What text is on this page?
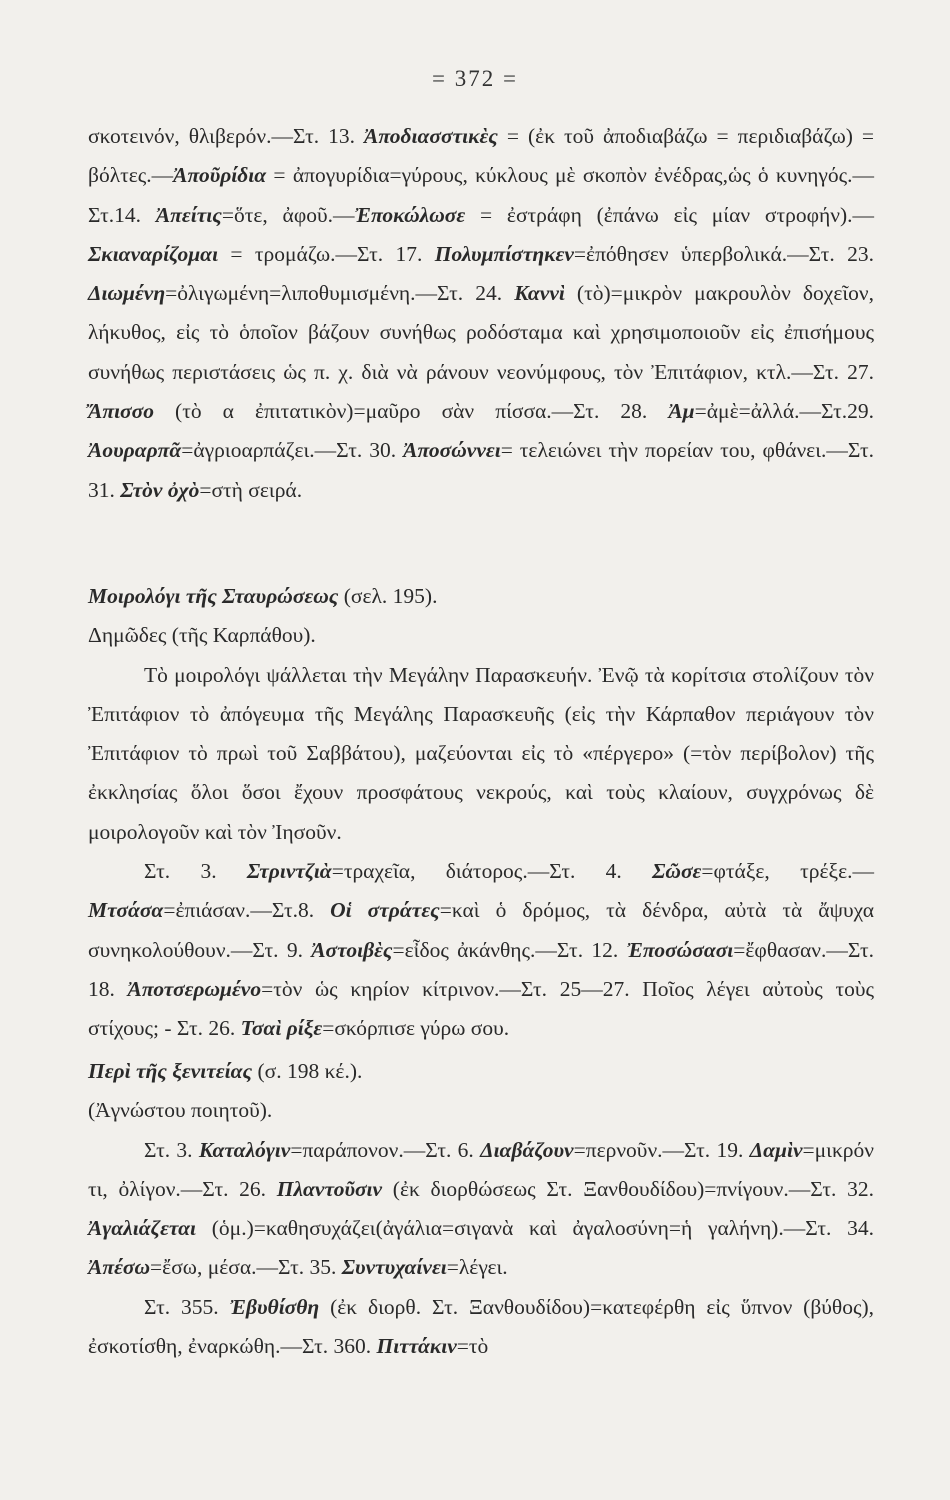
= 372 =

σκοτεινόν, θλιβερόν.—Στ. 13. Ἀποδιασστικὲς = (ἐκ τοῦ ἀποδιαβάζω = περιδιαβάζω) = βόλτες.—Ἀποῦρίδια = ἀπογυρίδια=γύρους, κύκλους μὲ σκοπὸν ἐνέδρας,ὡς ὁ κυνηγός.—Στ.14. Ἀπείτις=ὅτε, ἀφοῦ.—Ἐποκώλωσε = ἐστράφη (ἐπάνω εἰς μίαν στροφήν).—Σκιαναρίζομαι = τρομάζω.—Στ. 17. Πολυμπίστηκεν=ἐπόθησεν ὑπερβολικά.—Στ. 23. Διωμένη=ὀλιγωμένη=λιποθυμισμένη.—Στ. 24. Καννὶ (τὸ)=μικρὸν μακρουλὸν δοχεῖον, λήκυθος, εἰς τὸ ὁποῖον βάζουν συνήθως ροδόσταμα καὶ χρησιμοποιοῦν εἰς ἐπισήμους συνήθως περιστάσεις ὡς π. χ. διὰ νὰ ράνουν νεονύμφους, τὸν Ἐπιτάφιον, κτλ.—Στ. 27. Ἄπισσο (τὸ α ἐπιτατικὸν)=μαῦρο σὰν πίσσα.—Στ. 28. Ἀμ=ἀμὲ=ἀλλά.—Στ.29. Ἀουραρπᾶ=ἀγριοαρπάζει.—Στ. 30. Ἀποσώννει= τελειώνει τὴν πορείαν του, φθάνει.—Στ. 31. Στὸν ὀχὸ=στὴ σειρά.

Μοιρολόγι τῆς Σταυρώσεως (σελ. 195).

Δημῶδες (τῆς Καρπάθου).

Τὸ μοιρολόγι ψάλλεται τὴν Μεγάλην Παρασκευήν. Ἐνῷ τὰ κορίτσια στολίζουν τὸν Ἐπιτάφιον τὸ ἀπόγευμα τῆς Μεγάλης Παρασκευῆς (εἰς τὴν Κάρπαθον περιάγουν τὸν Ἐπιτάφιον τὸ πρωὶ τοῦ Σαββάτου), μαζεύονται εἰς τὸ «πέργερο» (=τὸν περίβολον) τῆς ἐκκλησίας ὅλοι ὅσοι ἔχουν προσφάτους νεκρούς, καὶ τοὺς κλαίουν, συγχρόνως δὲ μοιρολογοῦν καὶ τὸν Ἰησοῦν.

Στ. 3. Στριντζιὰ=τραχεῖα, διάτορος.—Στ. 4. Σῶσε=φτάξε, τρέξε.—Μτσάσα=ἐπιάσαν.—Στ.8. Οἱ στράτες=καὶ ὁ δρόμος, τὰ δένδρα, αὐτὰ τὰ ἄψυχα συνηκολούθουν.—Στ. 9. Ἀστοιβὲς=εἶδος ἀκάνθης.—Στ. 12. Ἐποσώσασι=ἔφθασαν.—Στ. 18. Ἀποτσερωμένο=τὸν ὡς κηρίον κίτρινον.—Στ. 25—27. Ποῖος λέγει αὐτοὺς τοὺς στίχους; - Στ. 26. Τσαὶ ρίξε=σκόρπισε γύρω σου.

Περὶ τῆς ξενιτείας (σ. 198 κέ.).

(Ἀγνώστου ποιητοῦ).

Στ. 3. Καταλόγιν=παράπονον.—Στ. 6. Διαβάζουν=περνοῦν.—Στ. 19. Δαμὶν=μικρόν τι, ὀλίγον.—Στ. 26. Πλαντοῦσιν (ἐκ διορθώσεως Στ. Ξανθουδίδου)=πνίγουν.—Στ. 32. Ἀγαλιάζεται (ὁμ.)=καθησυχάζει(ἀγάλια=σιγανὰ καὶ ἀγαλοσύνη=ἡ γαλήνη).—Στ. 34. Ἀπέσω=ἔσω, μέσα.—Στ. 35. Συντυχαίνει=λέγει.

Στ. 355. Ἐβυθίσθη (ἐκ διορθ. Στ. Ξανθουδίδου)=κατεφέρθη εἰς ὕπνον (βύθος), ἐσκοτίσθη, ἐναρκώθη.—Στ. 360. Πιττάκιν=τὸ
